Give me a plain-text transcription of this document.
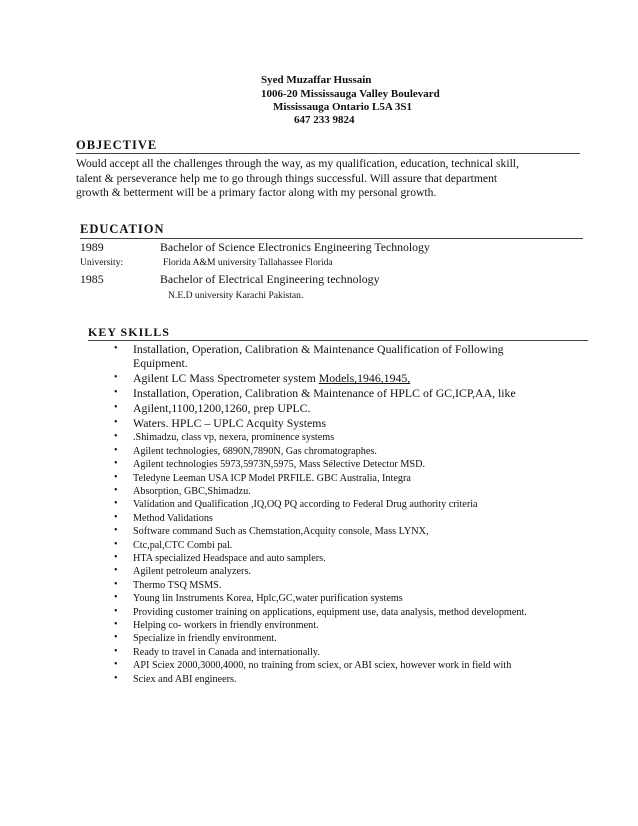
Syed Muzaffar Hussain
1006-20 Mississauga Valley Boulevard
Mississauga Ontario L5A 3S1
647 233 9824
OBJECTIVE
Would accept all the challenges through the way, as my qualification, education, technical skill,
talent & perseverance help me to go through things successful. Will assure that department
growth & betterment will be a primary factor along with my personal growth.
EDUCATION
1989	Bachelor of Science Electronics Engineering Technology
University:	Florida A&M university Tallahassee Florida
1985	Bachelor of Electrical Engineering technology
N.E.D university Karachi Pakistan.
KEY SKILLS
• Installation, Operation, Calibration & Maintenance Qualification of Following
Equipment.
• Agilent LC Mass Spectrometer system Models,1946,1945,
• Installation, Operation, Calibration & Maintenance of HPLC of GC,ICP,AA, like
• Agilent,1100,1200,1260, prep UPLC.
• Waters. HPLC – UPLC Acquity Systems
• .Shimadzu, class vp, nexera, prominence systems
• Agilent technologies, 6890N,7890N, Gas chromatographes.
• Agilent technologies 5973,5973N,5975, Mass Sélective Detector MSD.
• Teledyne Leeman USA ICP Model PRFILE. GBC Australia, Integra
• Absorption, GBC,Shimadzu.
• Validation and Qualification ,IQ,OQ PQ according to Federal Drug authority criteria
• Method Validations
• Software command Such as Chemstation,Acquity console, Mass LYNX,
• Ctc,pal,CTC Combi pal.
• HTA specialized Headspace and auto samplers.
• Agilent petroleum analyzers.
• Thermo TSQ MSMS.
• Young lin Instruments Korea, Hplc,GC,water purification systems
• Providing customer training on applications, equipment use, data analysis, method development.
• Helping co- workers in friendly environment.
• Specialize in friendly environment.
• Ready to travel in Canada and internationally.
• API Sciex 2000,3000,4000, no training from sciex, or ABI sciex, however work in field with
• Sciex and ABI engineers.
